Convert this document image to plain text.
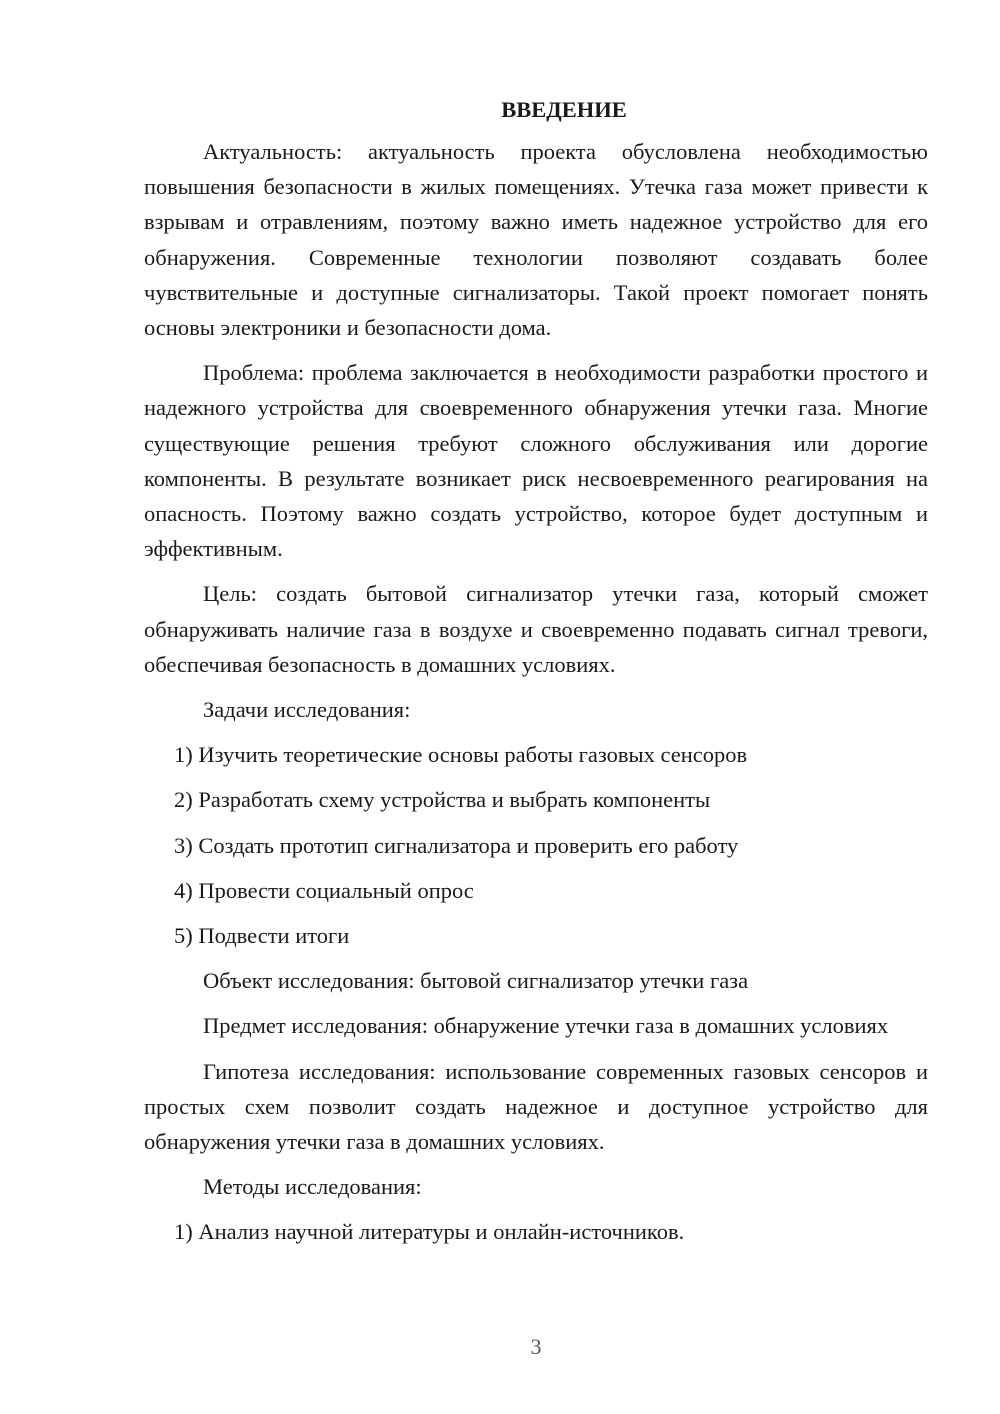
ВВЕДЕНИЕ

Актуальность: актуальность проекта обусловлена необходимостью повышения безопасности в жилых помещениях. Утечка газа может привести к взрывам и отравлениям, поэтому важно иметь надежное устройство для его обнаружения. Современные технологии позволяют создавать более чувствительные и доступные сигнализаторы. Такой проект помогает понять основы электроники и безопасности дома.

Проблема: проблема заключается в необходимости разработки простого и надежного устройства для своевременного обнаружения утечки газа. Многие существующие решения требуют сложного обслуживания или дорогие компоненты. В результате возникает риск несвоевременного реагирования на опасность. Поэтому важно создать устройство, которое будет доступным и эффективным.

Цель: создать бытовой сигнализатор утечки газа, который сможет обнаруживать наличие газа в воздухе и своевременно подавать сигнал тревоги, обеспечивая безопасность в домашних условиях.

Задачи исследования:

1) Изучить теоретические основы работы газовых сенсоров
2) Разработать схему устройства и выбрать компоненты
3) Создать прототип сигнализатора и проверить его работу
4) Провести социальный опрос
5) Подвести итоги

Объект исследования: бытовой сигнализатор утечки газа

Предмет исследования: обнаружение утечки газа в домашних условиях

Гипотеза исследования: использование современных газовых сенсоров и простых схем позволит создать надежное и доступное устройство для обнаружения утечки газа в домашних условиях.

Методы исследования:

1) Анализ научной литературы и онлайн-источников.
3
